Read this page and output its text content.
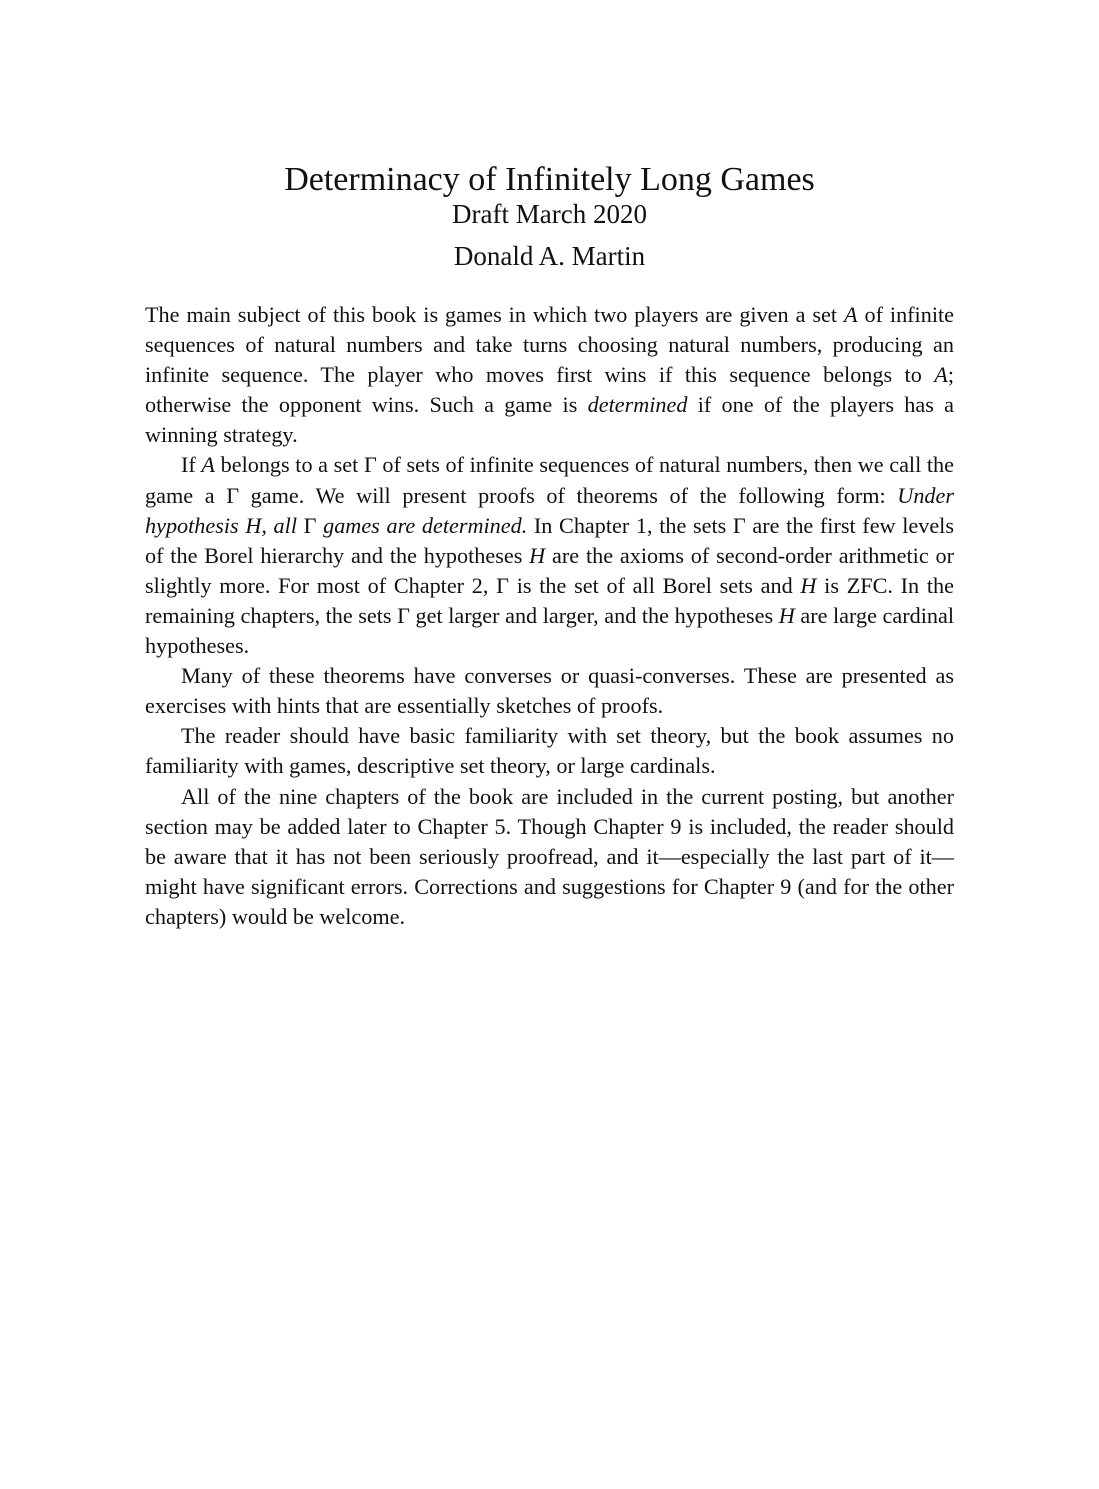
Determinacy of Infinitely Long Games
Draft March 2020
Donald A. Martin

The main subject of this book is games in which two players are given a set A of infinite sequences of natural numbers and take turns choosing natural numbers, producing an infinite sequence. The player who moves first wins if this sequence belongs to A; otherwise the opponent wins. Such a game is determined if one of the players has a winning strategy.

If A belongs to a set Γ of sets of infinite sequences of natural numbers, then we call the game a Γ game. We will present proofs of theorems of the following form: Under hypothesis H, all Γ games are determined. In Chapter 1, the sets Γ are the first few levels of the Borel hierarchy and the hypotheses H are the axioms of second-order arithmetic or slightly more. For most of Chapter 2, Γ is the set of all Borel sets and H is ZFC. In the remaining chapters, the sets Γ get larger and larger, and the hypotheses H are large cardinal hypotheses.

Many of these theorems have converses or quasi-converses. These are presented as exercises with hints that are essentially sketches of proofs.

The reader should have basic familiarity with set theory, but the book assumes no familiarity with games, descriptive set theory, or large cardinals.

All of the nine chapters of the book are included in the current posting, but another section may be added later to Chapter 5. Though Chapter 9 is included, the reader should be aware that it has not been seriously proofread, and it—especially the last part of it—might have significant errors. Corrections and suggestions for Chapter 9 (and for the other chapters) would be welcome.
